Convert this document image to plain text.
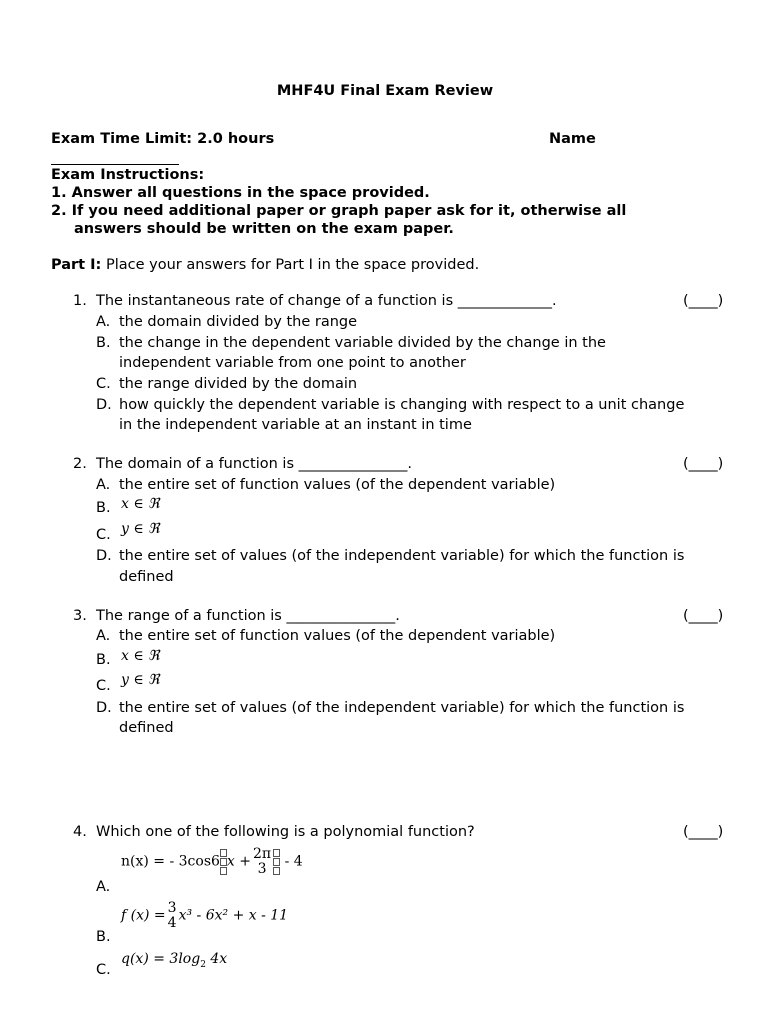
MHF4U Final Exam Review
Exam Time Limit: 2.0 hours	Name
Exam Instructions:
1. Answer all questions in the space provided.
2. If you need additional paper or graph paper ask for it, otherwise all
answers should be written on the exam paper.
Part I: Place your answers for Part I in the space provided.
1. The instantaneous rate of change of a function is _____________.	(____)
A. the domain divided by the range
B. the change in the dependent variable divided by the change in the
independent variable from one point to another
C. the range divided by the domain
D. how quickly the dependent variable is changing with respect to a unit change
in the independent variable at an instant in time
2. The domain of a function is _______________.	(____)
A. the entire set of function values (of the dependent variable)
B. x ∈ ℜ
C. y ∈ ℜ
D. the entire set of values (of the independent variable) for which the function is
defined
3. The range of a function is _______________.	(____)
A. the entire set of function values (of the dependent variable)
B. x ∈ ℜ
C. y ∈ ℜ
D. the entire set of values (of the independent variable) for which the function is
defined
4. Which one of the following is a polynomial function?	(____)
A.
n(x) = - 3cos6 x + 2π
3	- 4
B.
f (x) = 3
4 x³ - 6x² + x - 11
C.
$q(x) = 3\log_2$ 4x
